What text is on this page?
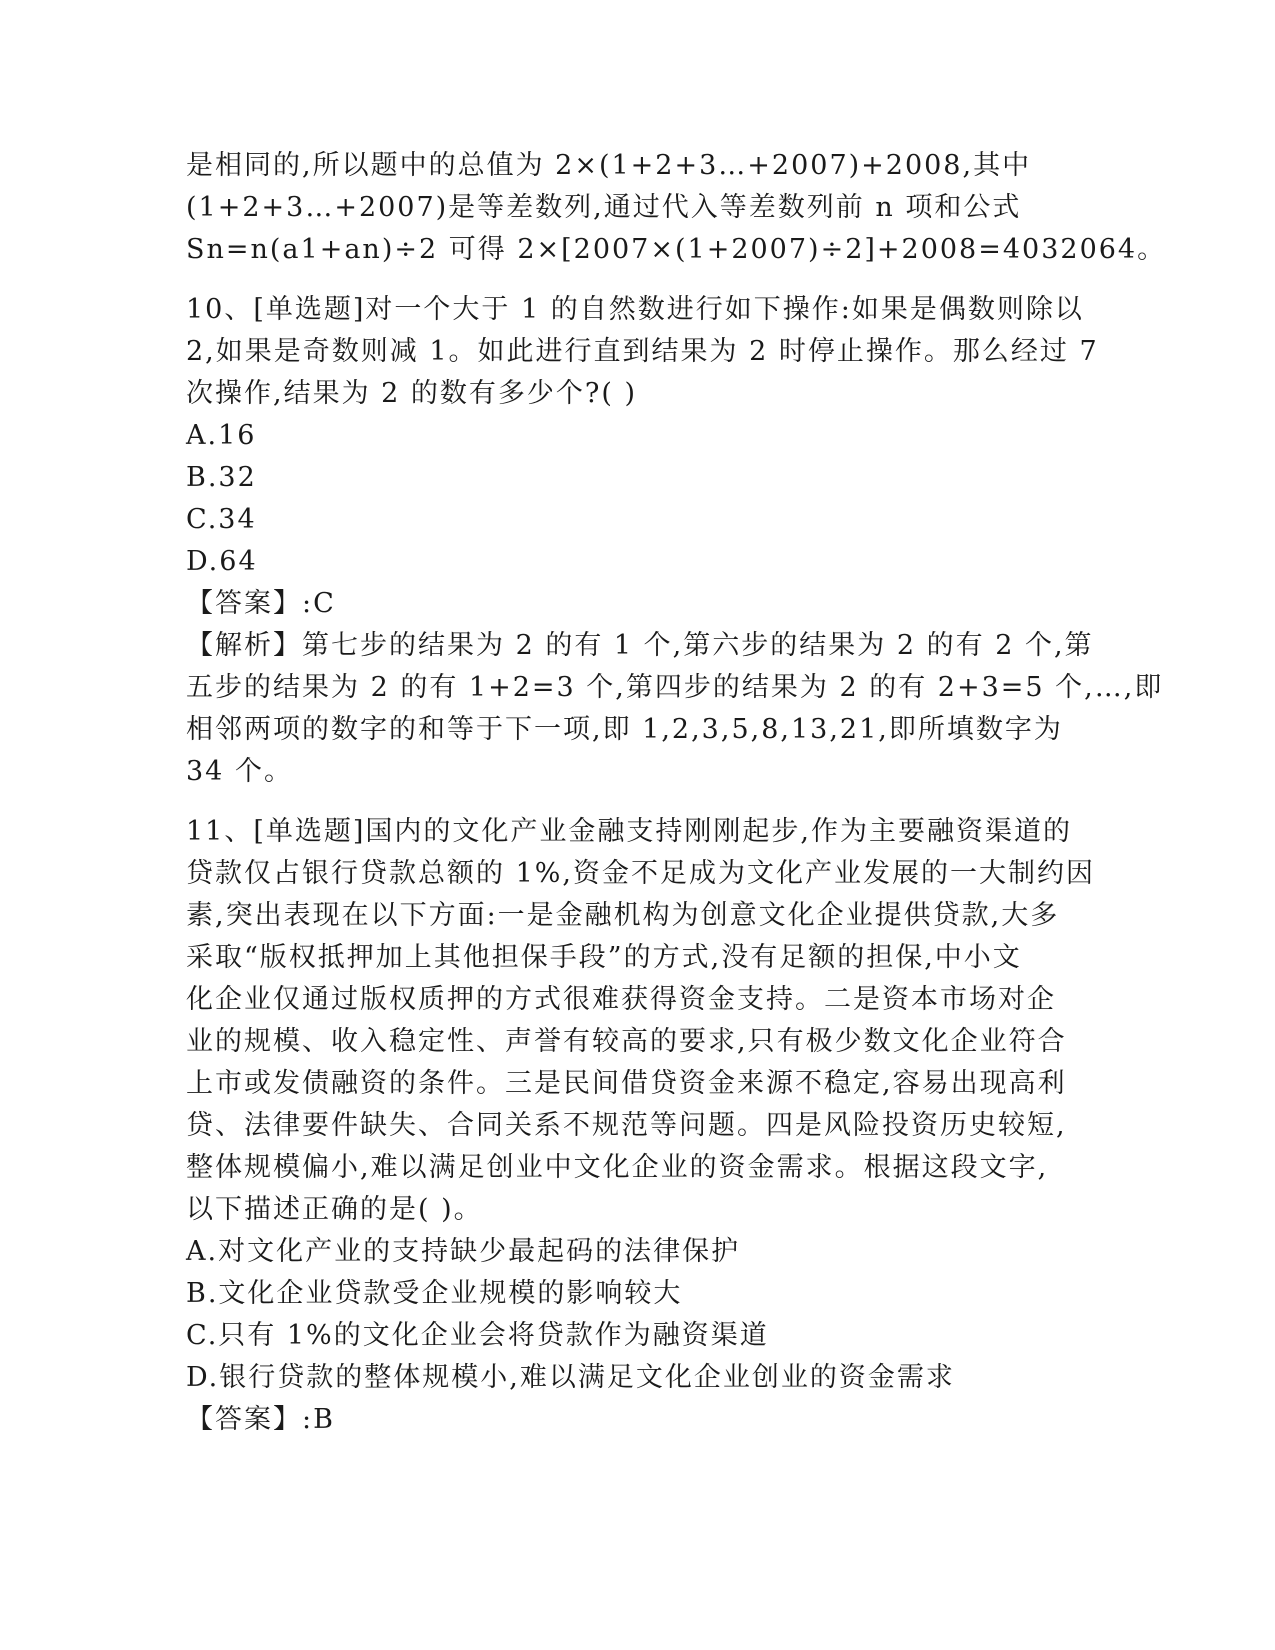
是相同的,所以题中的总值为 2×(1+2+3…+2007)+2008,其中
(1+2+3…+2007)是等差数列,通过代入等差数列前 n 项和公式
Sn=n(a1+an)÷2 可得 2×[2007×(1+2007)÷2]+2008=4032064。
10、[单选题]对一个大于 1 的自然数进行如下操作:如果是偶数则除以
2,如果是奇数则减 1。如此进行直到结果为 2 时停止操作。那么经过 7
次操作,结果为 2 的数有多少个?( )
A.16
B.32
C.34
D.64
【答案】:C
【解析】第七步的结果为 2 的有 1 个,第六步的结果为 2 的有 2 个,第
五步的结果为 2 的有 1+2=3 个,第四步的结果为 2 的有 2+3=5 个,…,即
相邻两项的数字的和等于下一项,即 1,2,3,5,8,13,21,即所填数字为
34 个。
11、[单选题]国内的文化产业金融支持刚刚起步,作为主要融资渠道的
贷款仅占银行贷款总额的 1%,资金不足成为文化产业发展的一大制约因
素,突出表现在以下方面:一是金融机构为创意文化企业提供贷款,大多
采取“版权抵押加上其他担保手段”的方式,没有足额的担保,中小文
化企业仅通过版权质押的方式很难获得资金支持。二是资本市场对企
业的规模、收入稳定性、声誉有较高的要求,只有极少数文化企业符合
上市或发债融资的条件。三是民间借贷资金来源不稳定,容易出现高利
贷、法律要件缺失、合同关系不规范等问题。四是风险投资历史较短,
整体规模偏小,难以满足创业中文化企业的资金需求。根据这段文字,
以下描述正确的是( )。
A.对文化产业的支持缺少最起码的法律保护
B.文化企业贷款受企业规模的影响较大
C.只有 1%的文化企业会将贷款作为融资渠道
D.银行贷款的整体规模小,难以满足文化企业创业的资金需求
【答案】:B
